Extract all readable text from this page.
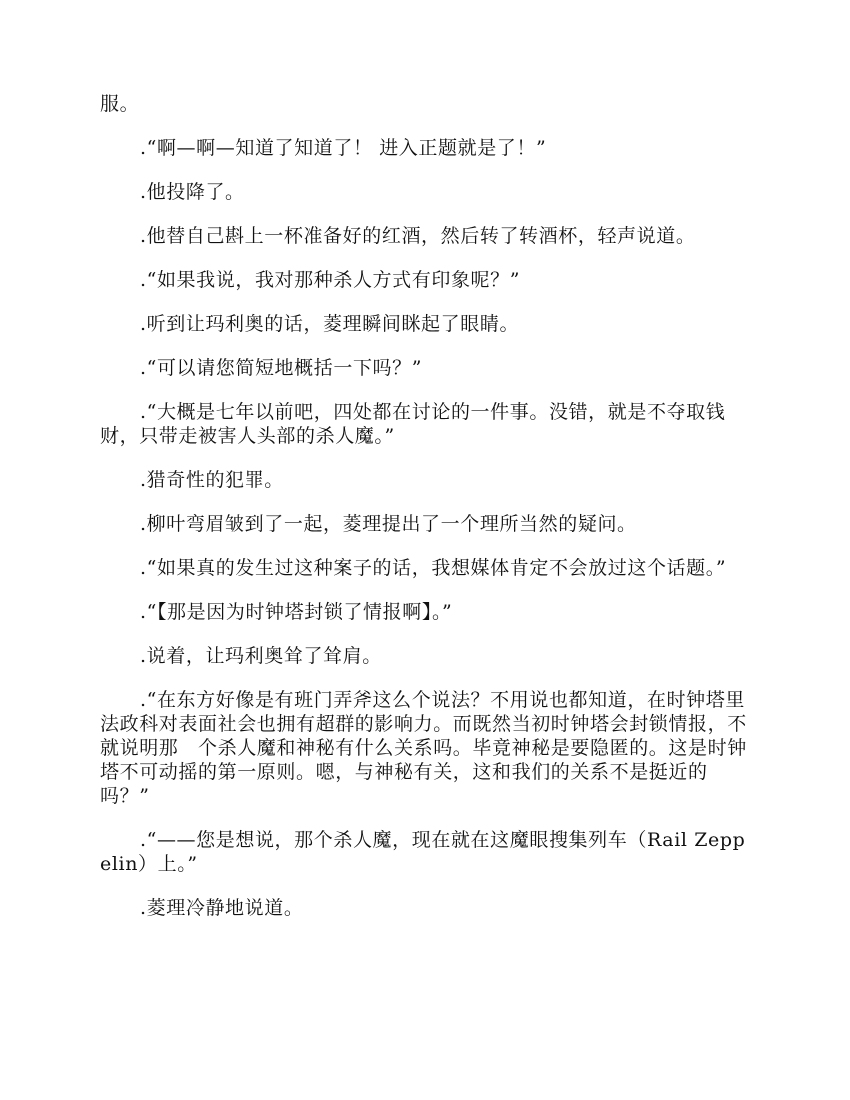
服。

.“啊—啊—知道了知道了！ 进入正题就是了！”

.他投降了。

.他替自己斟上一杯准备好的红酒，然后转了转酒杯，轻声说道。

.“如果我说，我对那种杀人方式有印象呢？”

.听到让玛利奥的话，菱理瞬间眯起了眼睛。

.“可以请您简短地概括一下吗？”

.“大概是七年以前吧，四处都在讨论的一件事。没错，就是不夺取钱财，只带走被害人头部的杀人魔。”

.猎奇性的犯罪。

.柳叶弯眉皱到了一起，菱理提出了一个理所当然的疑问。

.“如果真的发生过这种案子的话，我想媒体肯定不会放过这个话题。”

.“【那是因为时钟塔封锁了情报啊】。”

.说着，让玛利奥耸了耸肩。

.“在东方好像是有班门弄斧这么个说法？不用说也都知道，在时钟塔里法政科对表面社会也拥有超群的影响力。而既然当初时钟塔会封锁情报，不就说明那　个杀人魔和神秘有什么关系吗。毕竟神秘是要隐匿的。这是时钟塔不可动摇的第一原则。嗯，与神秘有关，这和我们的关系不是挺近的吗？”

.“——您是想说，那个杀人魔，现在就在这魔眼搜集列车（Rail Zeppelin）上。”

.菱理冷静地说道。
